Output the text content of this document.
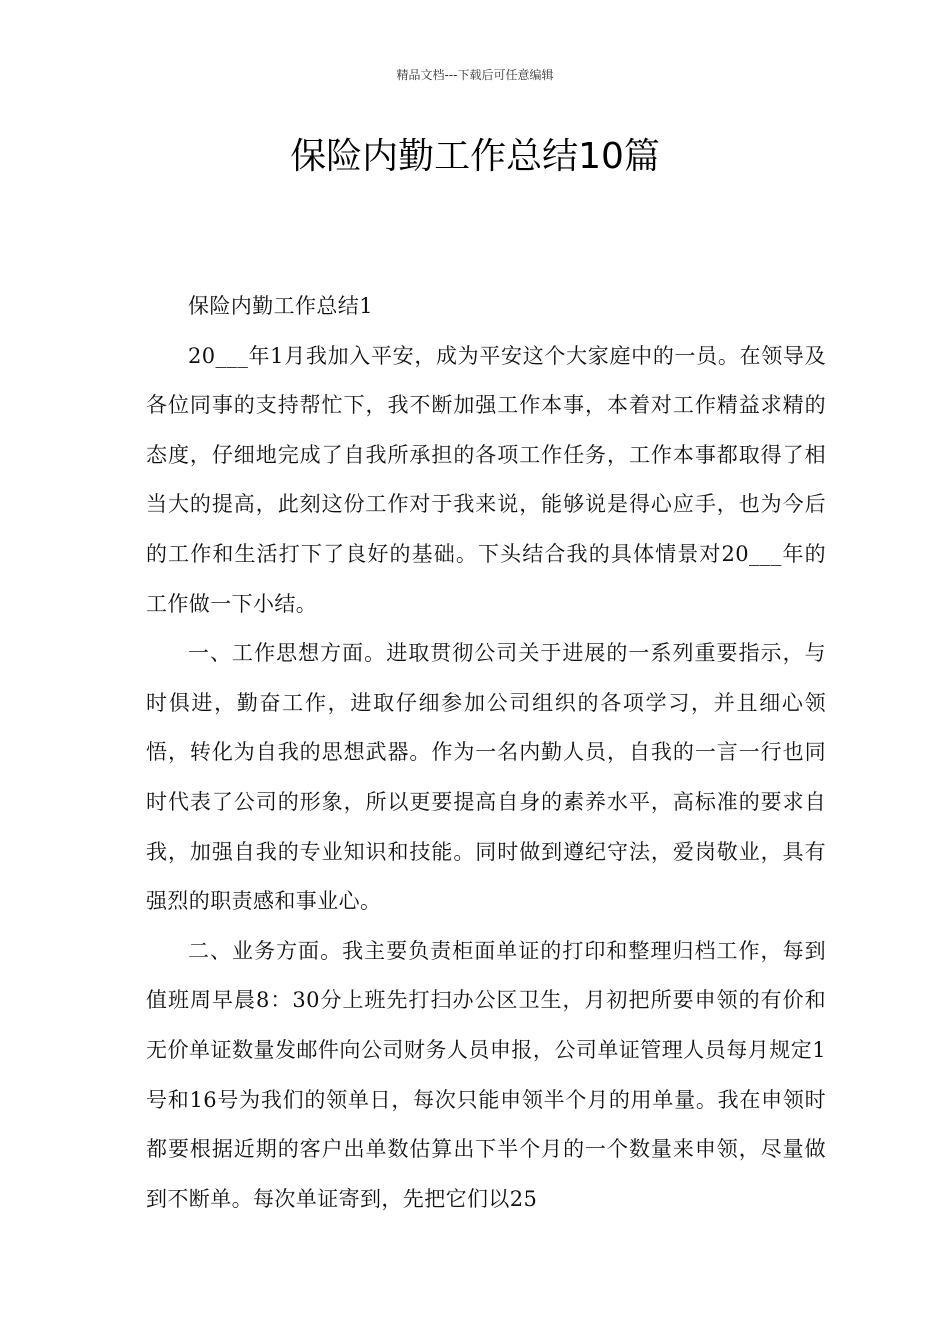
精品文档---下载后可任意编辑
保险内勤工作总结10篇

保险内勤工作总结1

20___年1月我加入平安，成为平安这个大家庭中的一员。在领导及各位同事的支持帮忙下，我不断加强工作本事，本着对工作精益求精的态度，仔细地完成了自我所承担的各项工作任务，工作本事都取得了相当大的提高，此刻这份工作对于我来说，能够说是得心应手，也为今后的工作和生活打下了良好的基础。下头结合我的具体情景对20___年的工作做一下小结。

一、工作思想方面。进取贯彻公司关于进展的一系列重要指示，与时俱进，勤奋工作，进取仔细参加公司组织的各项学习，并且细心领悟，转化为自我的思想武器。作为一名内勤人员，自我的一言一行也同时代表了公司的形象，所以更要提高自身的素养水平，高标准的要求自我，加强自我的专业知识和技能。同时做到遵纪守法，爱岗敬业，具有强烈的职责感和事业心。

二、业务方面。我主要负责柜面单证的打印和整理归档工作，每到值班周早晨8：30分上班先打扫办公区卫生，月初把所要申领的有价和无价单证数量发邮件向公司财务人员申报，公司单证管理人员每月规定1号和16号为我们的领单日，每次只能申领半个月的用单量。我在申领时都要根据近期的客户出单数估算出下半个月的一个数量来申领，尽量做到不断单。每次单证寄到，先把它们以25
